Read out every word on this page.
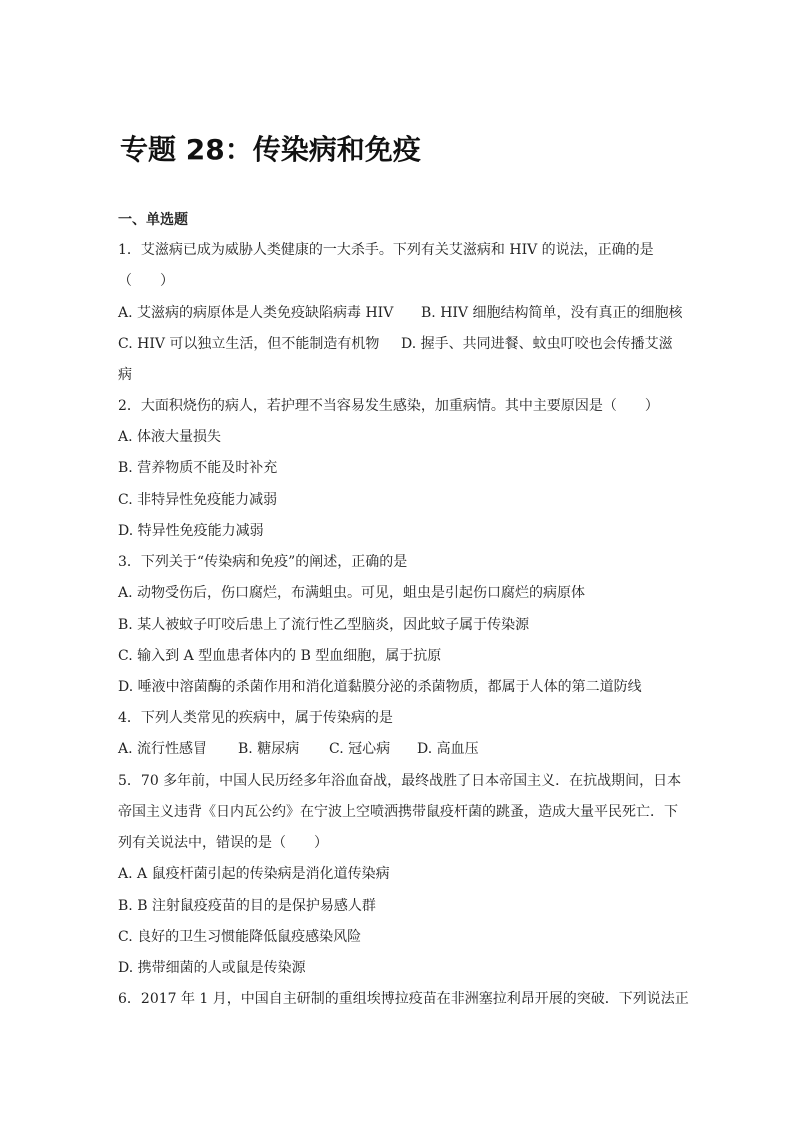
专题 28：传染病和免疫
一、单选题
1．艾滋病已成为威胁人类健康的一大杀手。下列有关艾滋病和 HIV 的说法，正确的是
（　　）
A. 艾滋病的病原体是人类免疫缺陷病毒 HIV B. HIV 细胞结构简单，没有真正的细胞核
C. HIV 可以独立生活，但不能制造有机物 D. 握手、共同进餐、蚊虫叮咬也会传播艾滋
病
2．大面积烧伤的病人，若护理不当容易发生感染，加重病情。其中主要原因是（　　）
A. 体液大量损失
B. 营养物质不能及时补充
C. 非特异性免疫能力减弱
D. 特异性免疫能力减弱
3．下列关于“传染病和免疫”的阐述，正确的是
A. 动物受伤后，伤口腐烂，布满蛆虫。可见，蛆虫是引起伤口腐烂的病原体
B. 某人被蚊子叮咬后患上了流行性乙型脑炎，因此蚊子属于传染源
C. 输入到 A 型血患者体内的 B 型血细胞，属于抗原
D. 唾液中溶菌酶的杀菌作用和消化道黏膜分泌的杀菌物质，都属于人体的第二道防线
4．下列人类常见的疾病中，属于传染病的是
A. 流行性感冒 B. 糖尿病 C. 冠心病 D. 高血压
5．70 多年前，中国人民历经多年浴血奋战，最终战胜了日本帝国主义．在抗战期间，日本
帝国主义违背《日内瓦公约》在宁波上空喷洒携带鼠疫杆菌的跳蚤，造成大量平民死亡．下
列有关说法中，错误的是（　　）
A. A 鼠疫杆菌引起的传染病是消化道传染病
B. B 注射鼠疫疫苗的目的是保护易感人群
C. 良好的卫生习惯能降低鼠疫感染风险
D. 携带细菌的人或鼠是传染源
6．2017 年 1 月，中国自主研制的重组埃博拉疫苗在非洲塞拉利昂开展的突破．下列说法正
